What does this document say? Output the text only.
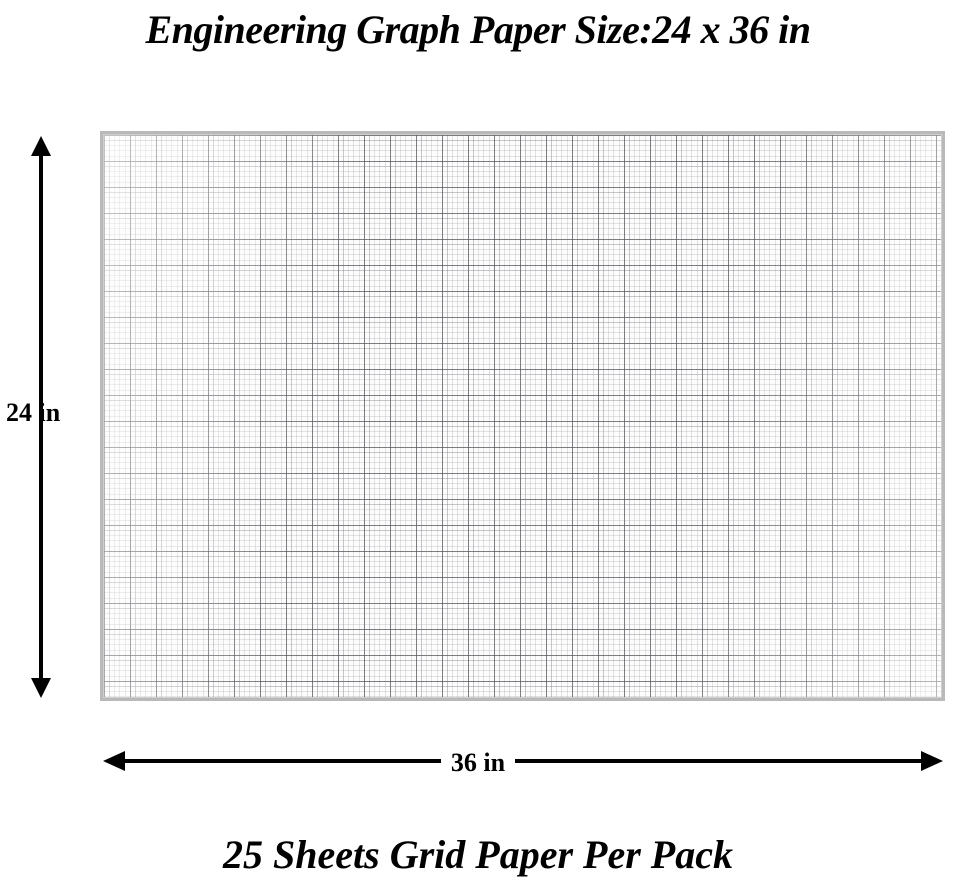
Engineering Graph Paper Size:24 x 36 in
24 in
36 in
25 Sheets Grid Paper Per Pack
